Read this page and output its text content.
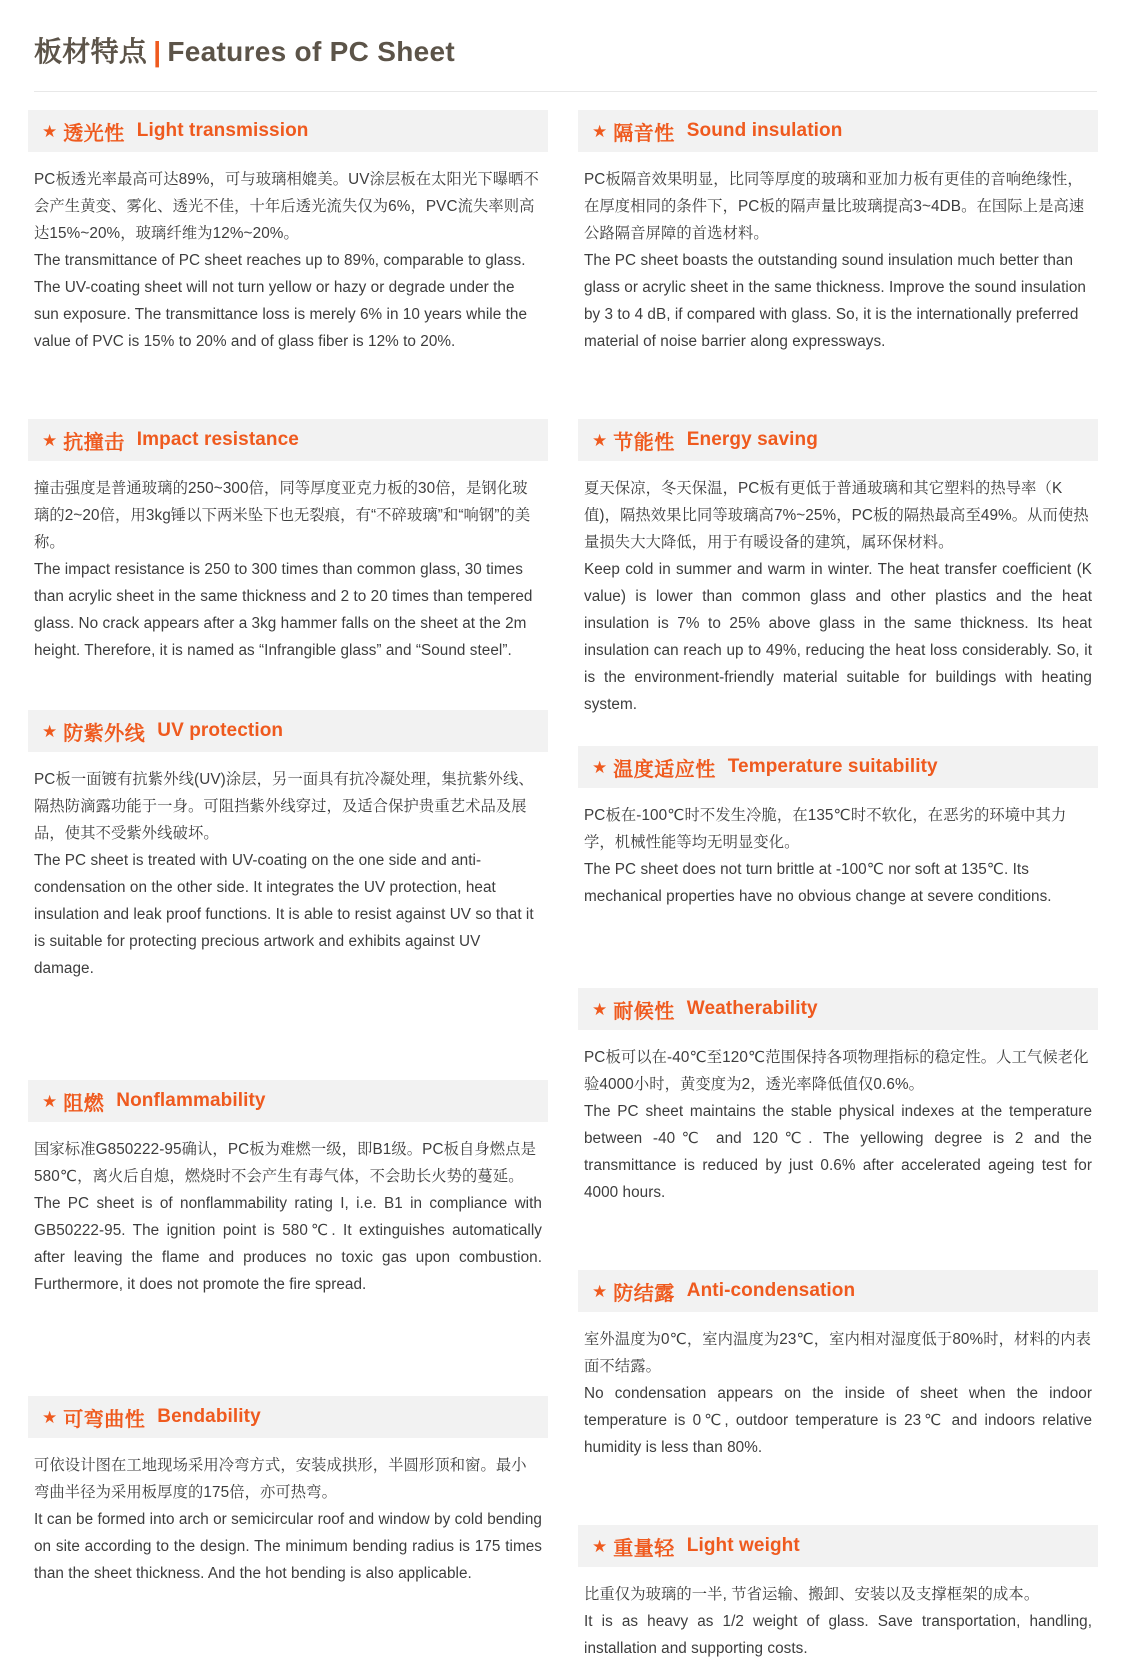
板材特点 | Features of PC Sheet
★ 透光性 Light transmission

PC板透光率最高可达89%，可与玻璃相媲美。UV涂层板在太阳光下曝晒不会产生黄变、雾化、透光不佳，十年后透光流失仅为6%，PVC流失率则高达15%~20%，玻璃纤维为12%~20%。

The transmittance of PC sheet reaches up to 89%, comparable to glass. The UV-coating sheet will not turn yellow or hazy or degrade under the sun exposure. The transmittance loss is merely 6% in 10 years while the value of PVC is 15% to 20% and of glass fiber is 12% to 20%.

★ 抗撞击 Impact resistance

撞击强度是普通玻璃的250~300倍，同等厚度亚克力板的30倍，是钢化玻璃的2~20倍，用3kg锤以下两米坠下也无裂痕，有“不碎玻璃”和“响钢”的美称。

The impact resistance is 250 to 300 times than common glass, 30 times than acrylic sheet in the same thickness and 2 to 20 times than tempered glass. No crack appears after a 3kg hammer falls on the sheet at the 2m height. Therefore, it is named as “Infrangible glass” and “Sound steel”.

★ 防紫外线 UV protection

PC板一面镀有抗紫外线(UV)涂层，另一面具有抗冷凝处理，集抗紫外线、隔热防滴露功能于一身。可阻挡紫外线穿过，及适合保护贵重艺术品及展品，使其不受紫外线破坏。

The PC sheet is treated with UV-coating on the one side and anti-condensation on the other side. It integrates the UV protection, heat insulation and leak proof functions. It is able to resist against UV so that it is suitable for protecting precious artwork and exhibits against UV damage.

★ 阻燃 Nonflammability

国家标准G850222-95确认，PC板为难燃一级，即B1级。PC板自身燃点是580℃，离火后自熄，燃烧时不会产生有毒气体，不会助长火势的蔓延。

The PC sheet is of nonflammability rating I, i.e. B1 in compliance with GB50222-95. The ignition point is 580℃. It extinguishes automatically after leaving the flame and produces no toxic gas upon combustion. Furthermore, it does not promote the fire spread.

★ 可弯曲性 Bendability

可依设计图在工地现场采用冷弯方式，安装成拱形，半圆形顶和窗。最小弯曲半径为采用板厚度的175倍，亦可热弯。

It can be formed into arch or semicircular roof and window by cold bending on site according to the design. The minimum bending radius is 175 times than the sheet thickness. And the hot bending is also applicable.

★ 隔音性 Sound insulation

PC板隔音效果明显，比同等厚度的玻璃和亚加力板有更佳的音响绝缘性，在厚度相同的条件下，PC板的隔声量比玻璃提高3~4DB。在国际上是高速公路隔音屏障的首选材料。

The PC sheet boasts the outstanding sound insulation much better than glass or acrylic sheet in the same thickness. Improve the sound insulation by 3 to 4 dB, if compared with glass. So, it is the internationally preferred material of noise barrier along expressways.

★ 节能性 Energy saving

夏天保凉，冬天保温，PC板有更低于普通玻璃和其它塑料的热导率（K值)，隔热效果比同等玻璃高7%~25%，PC板的隔热最高至49%。从而使热量损失大大降低，用于有暖设备的建筑，属环保材料。

Keep cold in summer and warm in winter. The heat transfer coefficient (K value) is lower than common glass and other plastics and the heat insulation is 7% to 25% above glass in the same thickness. Its heat insulation can reach up to 49%, reducing the heat loss considerably. So, it is the environment-friendly material suitable for buildings with heating system.

★ 温度适应性 Temperature suitability

PC板在-100℃时不发生冷脆，在135℃时不软化，在恶劣的环境中其力学，机械性能等均无明显变化。

The PC sheet does not turn brittle at -100℃ nor soft at 135℃. Its mechanical properties have no obvious change at severe conditions.

★ 耐候性 Weatherability

PC板可以在-40℃至120℃范围保持各项物理指标的稳定性。人工气候老化验4000小时，黄变度为2，透光率降低值仅0.6%。

The PC sheet maintains the stable physical indexes at the temperature between -40℃ and 120℃. The yellowing degree is 2 and the transmittance is reduced by just 0.6% after accelerated ageing test for 4000 hours.

★ 防结露 Anti-condensation

室外温度为0℃，室内温度为23℃，室内相对湿度低于80%时，材料的内表面不结露。

No condensation appears on the inside of sheet when the indoor temperature is 0℃, outdoor temperature is 23℃ and indoors relative humidity is less than 80%.

★ 重量轻 Light weight

比重仅为玻璃的一半, 节省运输、搬卸、安装以及支撑框架的成本。

It is as heavy as 1/2 weight of glass. Save transportation, handling, installation and supporting costs.
